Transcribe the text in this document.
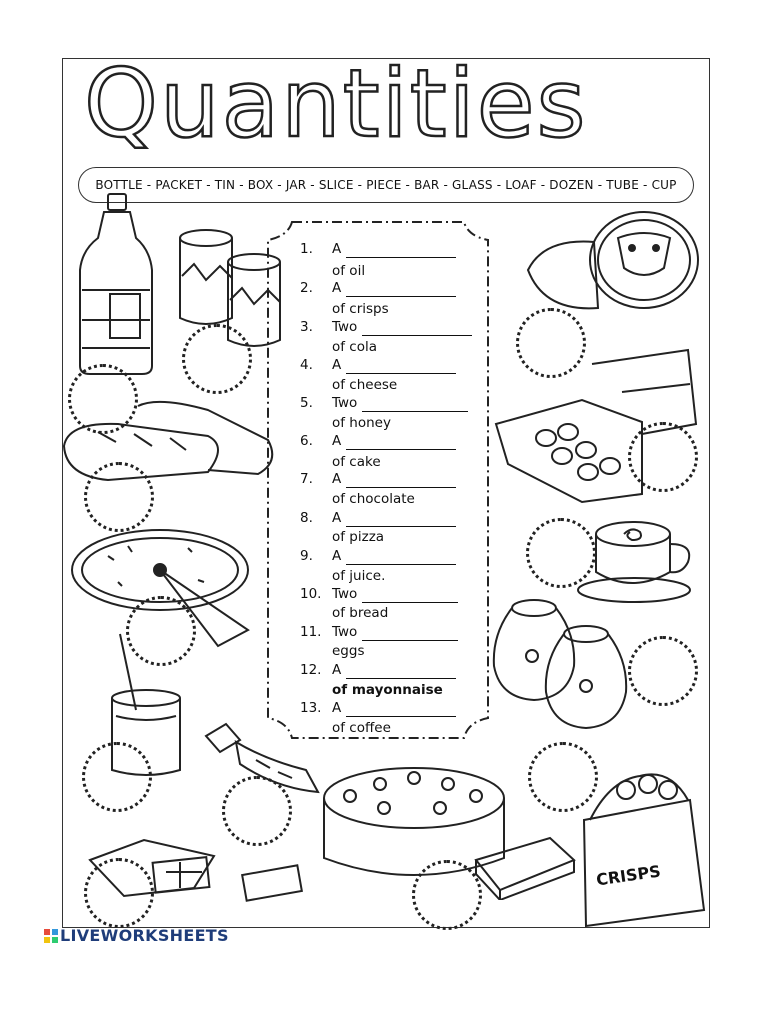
Quantities
BOTTLE - PACKET - TIN - BOX - JAR - SLICE - PIECE - BAR - GLASS - LOAF - DOZEN - TUBE - CUP
1. A
of oil
2. A
of crisps
3. Two
of cola
4. A
of cheese
5. Two
of honey
6. A
of cake
7. A
of chocolate
8. A
of pizza
9. A
of juice.
10. Two
of bread
11. Two
eggs
12. A
of mayonnaise
13. A
of coffee
CRISPS
LIVEWORKSHEETS
